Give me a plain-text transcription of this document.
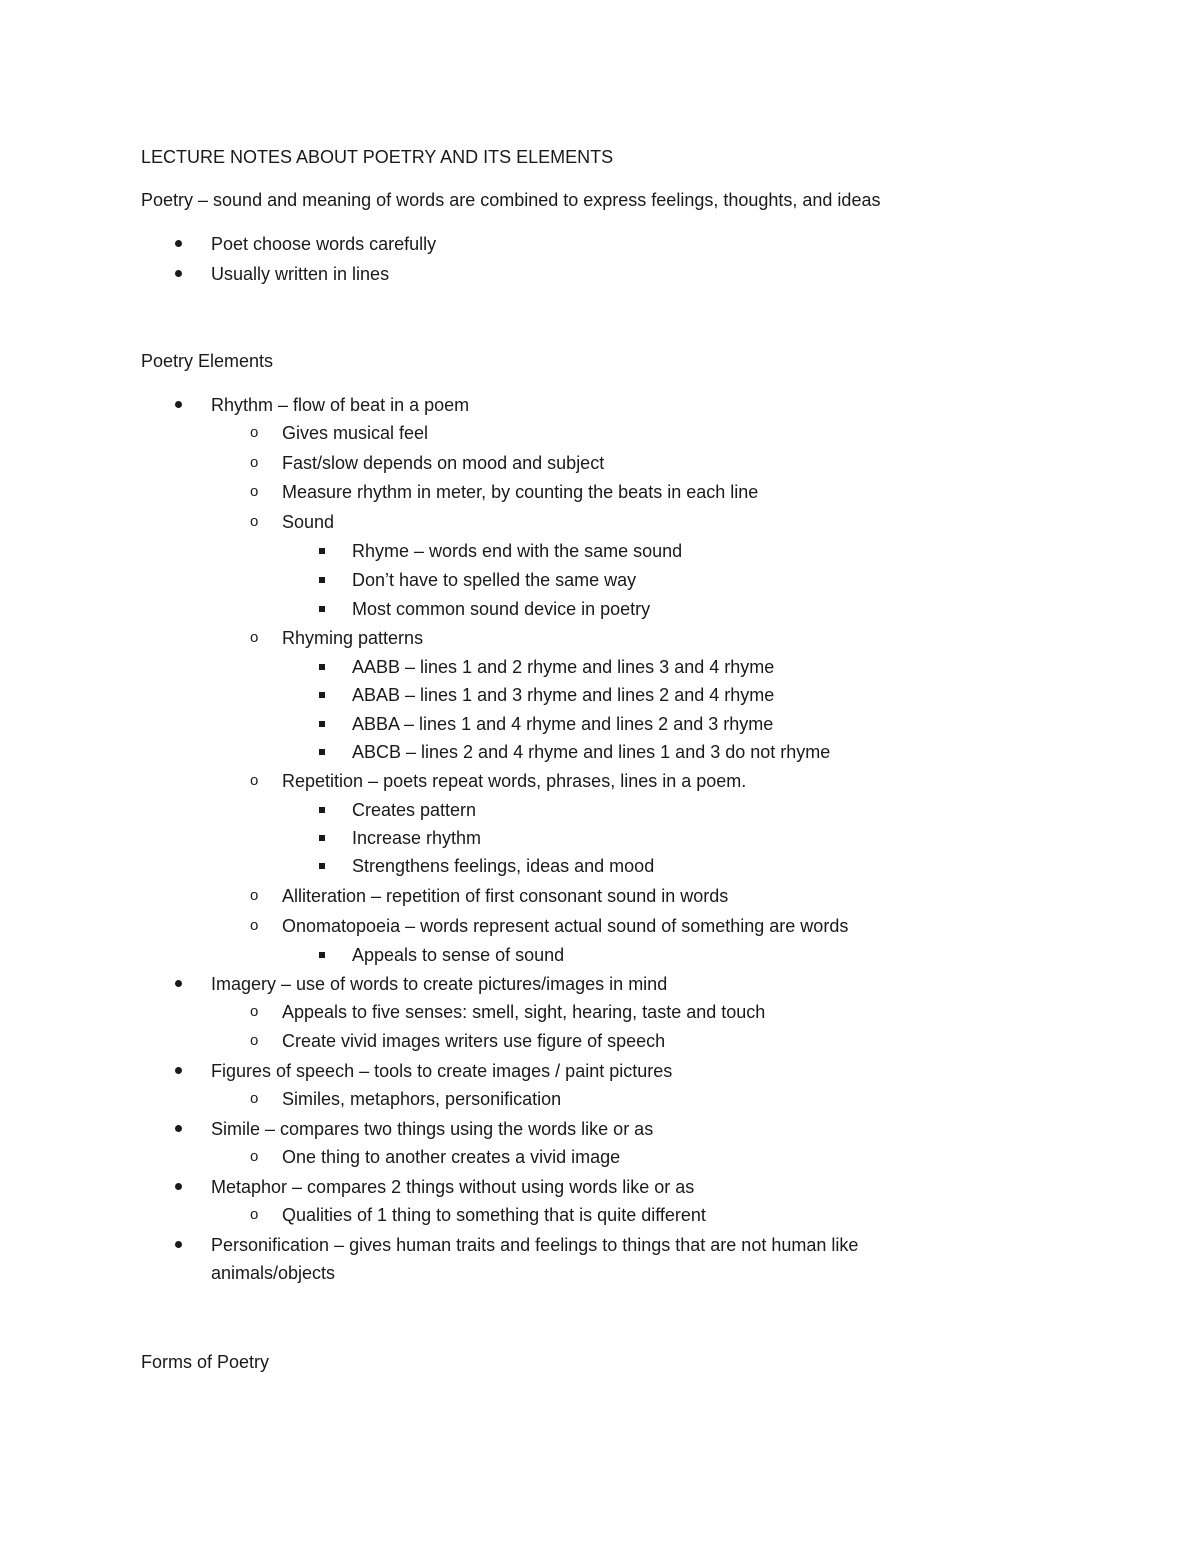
LECTURE NOTES ABOUT POETRY AND ITS ELEMENTS
Poetry – sound and meaning of words are combined to express feelings, thoughts, and ideas
Poet choose words carefully
Usually written in lines
Poetry Elements
Rhythm – flow of beat in a poem
o Gives musical feel
o Fast/slow depends on mood and subject
o Measure rhythm in meter, by counting the beats in each line
o Sound
Rhyme – words end with the same sound
Don’t have to spelled the same way
Most common sound device in poetry
o Rhyming patterns
AABB – lines 1 and 2 rhyme and lines 3 and 4 rhyme
ABAB – lines 1 and 3 rhyme and lines 2 and 4 rhyme
ABBA – lines 1 and 4 rhyme and lines 2 and 3 rhyme
ABCB – lines 2 and 4 rhyme and lines 1 and 3 do not rhyme
o Repetition – poets repeat words, phrases, lines in a poem.
Creates pattern
Increase rhythm
Strengthens feelings, ideas and mood
o Alliteration – repetition of first consonant sound in words
o Onomatopoeia – words represent actual sound of something are words
Appeals to sense of sound
Imagery – use of words to create pictures/images in mind
o Appeals to five senses: smell, sight, hearing, taste and touch
o Create vivid images writers use figure of speech
Figures of speech – tools to create images / paint pictures
o Similes, metaphors, personification
Simile – compares two things using the words like or as
o One thing to another creates a vivid image
Metaphor – compares 2 things without using words like or as
o Qualities of 1 thing to something that is quite different
Personification – gives human traits and feelings to things that are not human like
animals/objects
Forms of Poetry
